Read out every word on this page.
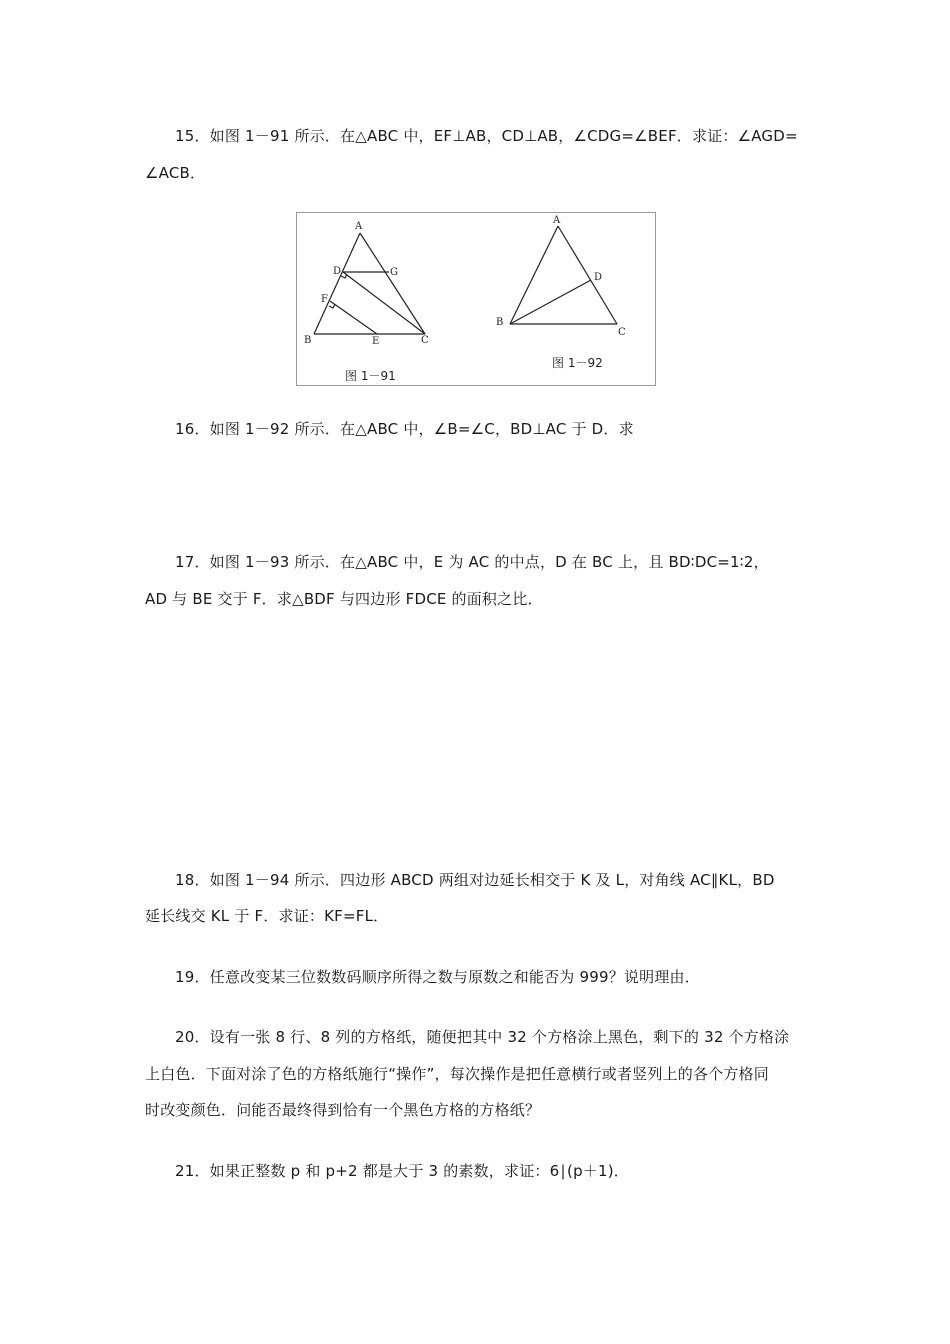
15．如图 1－91 所示．在△ABC 中，EF⊥AB，CD⊥AB，∠CDG=∠BEF．求证：∠AGD=
∠ACB．
A
D	G
F
B	E	C
图 1－91
A
D
B
C
图 1－92
16．如图 1－92 所示．在△ABC 中，∠B=∠C，BD⊥AC 于 D．求
17．如图 1－93 所示．在△ABC 中，E 为 AC 的中点，D 在 BC 上，且 BD∶DC=1∶2，
AD 与 BE 交于 F．求△BDF 与四边形 FDCE 的面积之比．
18．如图 1－94 所示．四边形 ABCD 两组对边延长相交于 K 及 L，对角线 AC∥KL，BD
延长线交 KL 于 F．求证：KF=FL．
19．任意改变某三位数数码顺序所得之数与原数之和能否为 999？说明理由．
20．设有一张 8 行、8 列的方格纸，随便把其中 32 个方格涂上黑色，剩下的 32 个方格涂
上白色．下面对涂了色的方格纸施行“操作”，每次操作是把任意横行或者竖列上的各个方格同
时改变颜色．问能否最终得到恰有一个黑色方格的方格纸？
21．如果正整数 p 和 p+2 都是大于 3 的素数，求证：6∣(p＋1)．
